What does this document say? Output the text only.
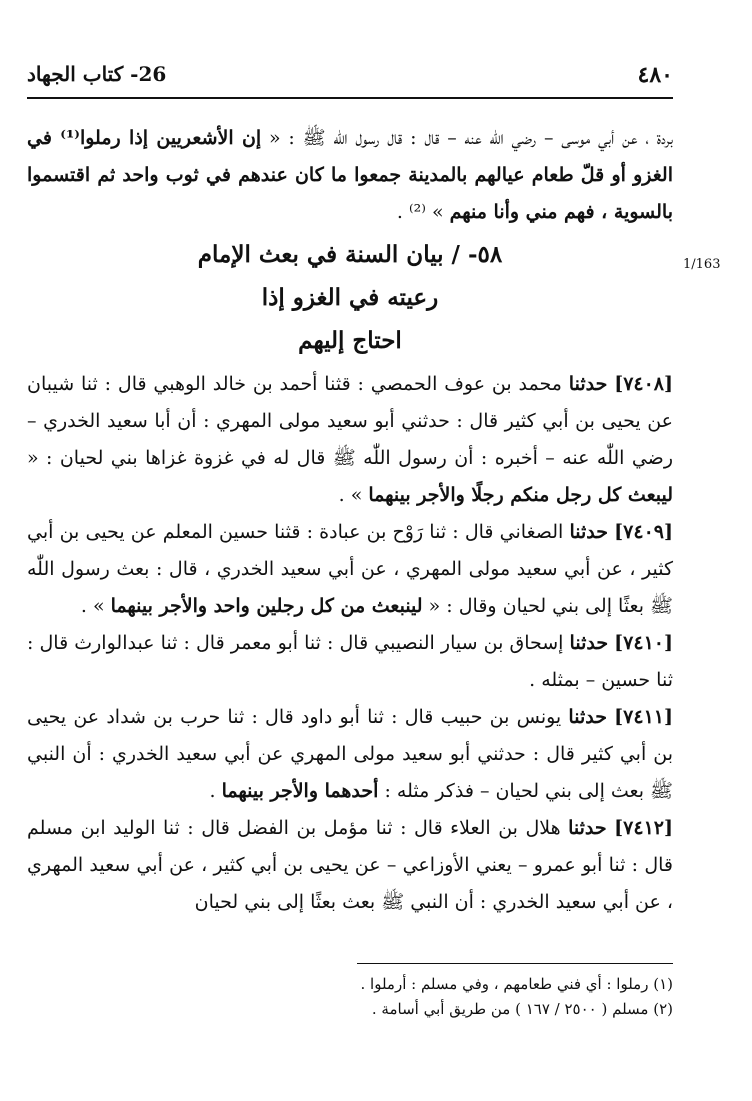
26- كتاب الجهاد	٤٨٠
1/163

بردة ، عن أبي موسى – رضي اللّٰه عنه – قال : قال رسول اللّٰه ﷺ : « إن الأشعريين إذا رملوا⁽¹⁾ في الغزو أو قلّ طعام عيالهم بالمدينة جمعوا ما كان عندهم في ثوب واحد ثم اقتسموا بالسوية ، فهم مني وأنا منهم » ⁽²⁾ .

٥٨- / بيان السنة في بعث الإمام
رعيته في الغزو إذا
احتاج إليهم

[٧٤٠٨] حدثنا محمد بن عوف الحمصي : قثنا أحمد بن خالد الوهبي قال : ثنا شيبان عن يحيى بن أبي كثير قال : حدثني أبو سعيد مولى المهري : أن أبا سعيد الخدري – رضي اللّٰه عنه – أخبره : أن رسول اللّٰه ﷺ قال له في غزوة غزاها بني لحيان : « ليبعث كل رجل منكم رجلًا والأجر بينهما » .

[٧٤٠٩] حدثنا الصغاني قال : ثنا رَوْح بن عبادة : قثنا حسين المعلم عن يحيى بن أبي كثير ، عن أبي سعيد مولى المهري ، عن أبي سعيد الخدري ، قال : بعث رسول اللّٰه ﷺ بعثًا إلى بني لحيان وقال : « لينبعث من كل رجلين واحد والأجر بينهما » .

[٧٤١٠] حدثنا إسحاق بن سيار النصيبي قال : ثنا أبو معمر قال : ثنا عبدالوارث قال : ثنا حسين – بمثله .

[٧٤١١] حدثنا يونس بن حبيب قال : ثنا أبو داود قال : ثنا حرب بن شداد عن يحيى بن أبي كثير قال : حدثني أبو سعيد مولى المهري عن أبي سعيد الخدري : أن النبي ﷺ بعث إلى بني لحيان – فذكر مثله : أحدهما والأجر بينهما .

[٧٤١٢] حدثنا هلال بن العلاء قال : ثنا مؤمل بن الفضل قال : ثنا الوليد ابن مسلم قال : ثنا أبو عمرو – يعني الأوزاعي – عن يحيى بن أبي كثير ، عن أبي سعيد المهري ، عن أبي سعيد الخدري : أن النبي ﷺ بعث بعثًا إلى بني لحيان

(١) رملوا : أي فني طعامهم ، وفي مسلم : أرملوا .

(٢) مسلم ( ٢٥٠٠ / ١٦٧ ) من طريق أبي أسامة .
